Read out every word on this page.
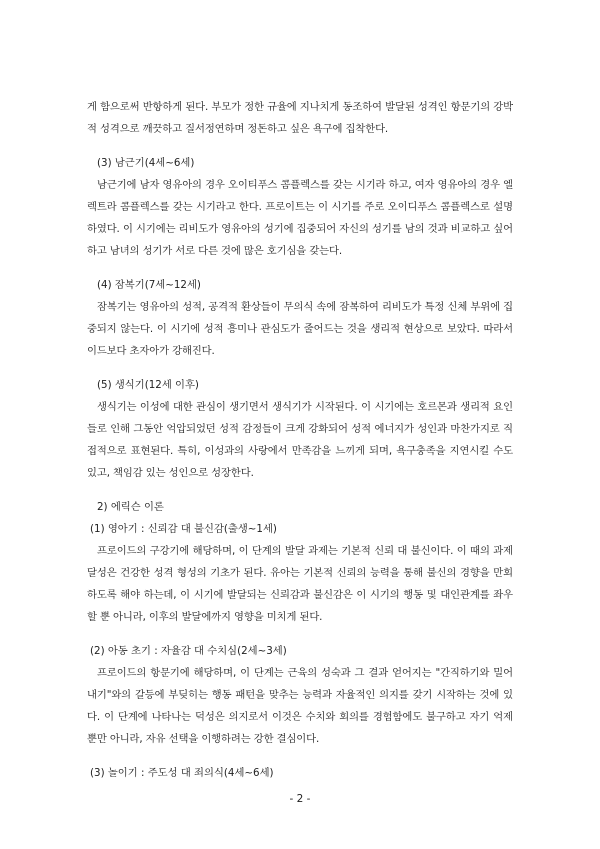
게 함으로써 반항하게 된다. 부모가 정한 규율에 지나치게 동조하여 발달된 성격인 항문기의 강박적 성격으로 깨끗하고 질서정연하며 정돈하고 싶은 욕구에 집착한다.

(3) 남근기(4세~6세)

남근기에 남자 영유아의 경우 오이티푸스 콤플렉스를 갖는 시기라 하고, 여자 영유아의 경우 엘렉트라 콤플렉스를 갖는 시기라고 한다. 프로이트는 이 시기를 주로 오이디푸스 콤플렉스로 설명하였다. 이 시기에는 리비도가 영유아의 성기에 집중되어 자신의 성기를 남의 것과 비교하고 싶어하고 남녀의 성기가 서로 다른 것에 많은 호기심을 갖는다.

(4) 잠복기(7세~12세)

잠복기는 영유아의 성적, 공격적 환상들이 무의식 속에 잠복하여 리비도가 특정 신체 부위에 집중되지 않는다. 이 시기에 성적 흥미나 관심도가 줄어드는 것을 생리적 현상으로 보았다. 따라서 이드보다 초자아가 강해진다.

(5) 생식기(12세 이후)

생식기는 이성에 대한 관심이 생기면서 생식기가 시작된다. 이 시기에는 호르몬과 생리적 요인들로 인해 그동안 억압되었던 성적 감정들이 크게 강화되어 성적 에너지가 성인과 마찬가지로 직접적으로 표현된다. 특히, 이성과의 사랑에서 만족감을 느끼게 되며, 욕구충족을 지연시킬 수도 있고, 책임감 있는 성인으로 성장한다.

2) 에릭슨 이론

(1) 영아기 : 신뢰감 대 불신감(출생~1세)

프로이드의 구강기에 해당하며, 이 단계의 발달 과제는 기본적 신뢰 대 불신이다. 이 때의 과제 달성은 건강한 성격 형성의 기초가 된다. 유아는 기본적 신뢰의 능력을 통해 불신의 경향을 만회하도록 해야 하는데, 이 시기에 발달되는 신뢰감과 불신감은 이 시기의 행동 및 대인관계를 좌우할 뿐 아니라, 이후의 발달에까지 영향을 미치게 된다.

(2) 아동 초기 : 자율감 대 수치심(2세~3세)

프로이드의 항문기에 해당하며, 이 단계는 근육의 성숙과 그 결과 얻어지는 "간직하기와 밀어내기"와의 갈등에 부딪히는 행동 패턴을 맞추는 능력과 자율적인 의지를 갖기 시작하는 것에 있다. 이 단계에 나타나는 덕성은 의지로서 이것은 수치와 회의를 경험함에도 불구하고 자기 억제 뿐만 아니라, 자유 선택을 이행하려는 강한 결심이다.

(3) 놀이기 : 주도성 대 죄의식(4세~6세)

- 2 -
